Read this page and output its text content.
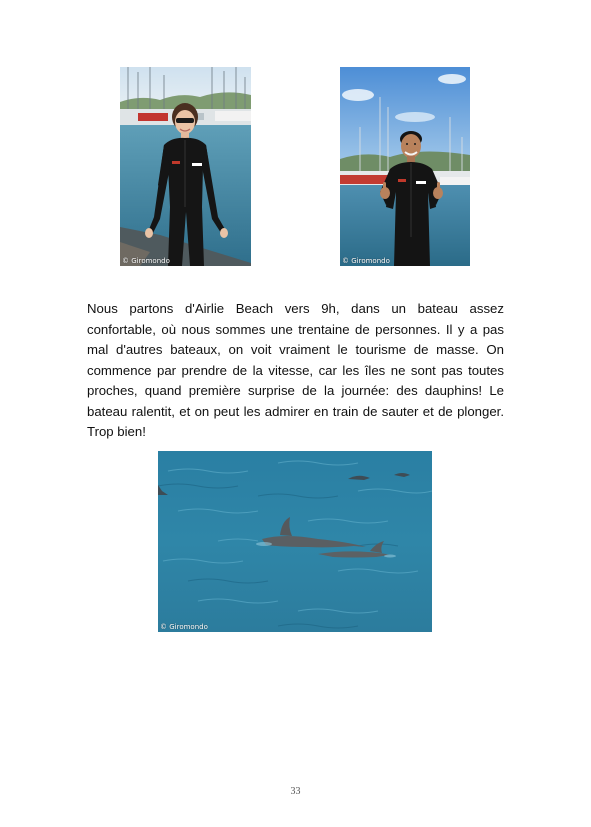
© Giromondo	© Giromondo

Nous partons d'Airlie Beach vers 9h, dans un bateau assez confortable, où nous sommes une trentaine de personnes. Il y a pas mal d'autres bateaux, on voit vraiment le tourisme de masse. On commence par prendre de la vitesse, car les îles ne sont pas toutes proches, quand première surprise de la journée: des dauphins! Le bateau ralentit, et on peut les admirer en train de sauter et de plonger. Trop bien!

© Giromondo
33
